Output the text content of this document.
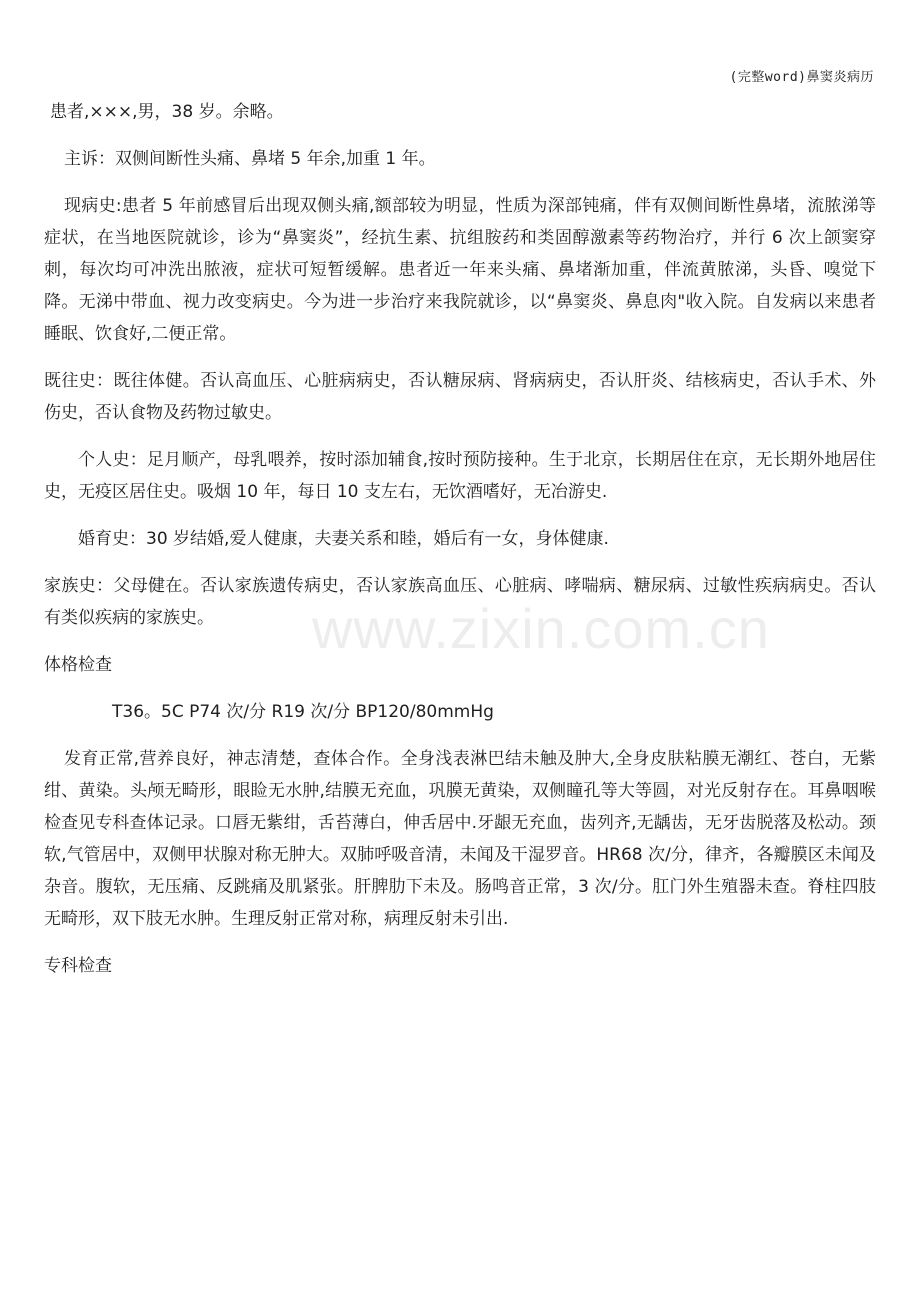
(完整word)鼻窦炎病历
www.zixin.com.cn

患者,×××,男，38 岁。余略。

主诉：双侧间断性头痛、鼻堵 5 年余,加重 1 年。

现病史:患者 5 年前感冒后出现双侧头痛,额部较为明显，性质为深部钝痛，伴有双侧间断性鼻堵，流脓涕等症状，在当地医院就诊，诊为“鼻窦炎”，经抗生素、抗组胺药和类固醇激素等药物治疗，并行 6 次上颌窦穿刺，每次均可冲洗出脓液，症状可短暂缓解。患者近一年来头痛、鼻堵渐加重，伴流黄脓涕，头昏、嗅觉下降。无涕中带血、视力改变病史。今为进一步治疗来我院就诊，以“鼻窦炎、鼻息肉"收入院。自发病以来患者睡眠、饮食好,二便正常。

既往史：既往体健。否认高血压、心脏病病史，否认糖尿病、肾病病史，否认肝炎、结核病史，否认手术、外伤史，否认食物及药物过敏史。

个人史：足月顺产，母乳喂养，按时添加辅食,按时预防接种。生于北京，长期居住在京，无长期外地居住史，无疫区居住史。吸烟 10 年，每日 10 支左右，无饮酒嗜好，无冶游史.

婚育史：30 岁结婚,爱人健康，夫妻关系和睦，婚后有一女，身体健康.

家族史：父母健在。否认家族遗传病史，否认家族高血压、心脏病、哮喘病、糖尿病、过敏性疾病病史。否认有类似疾病的家族史。

体格检查

T36。5C P74 次/分 R19 次/分 BP120/80mmHg

发育正常,营养良好，神志清楚，查体合作。全身浅表淋巴结未触及肿大,全身皮肤粘膜无潮红、苍白，无紫绀、黄染。头颅无畸形，眼睑无水肿,结膜无充血，巩膜无黄染，双侧瞳孔等大等圆，对光反射存在。耳鼻咽喉检查见专科查体记录。口唇无紫绀，舌苔薄白，伸舌居中.牙龈无充血，齿列齐,无龋齿，无牙齿脱落及松动。颈软,气管居中，双侧甲状腺对称无肿大。双肺呼吸音清，未闻及干湿罗音。HR68 次/分，律齐，各瓣膜区未闻及杂音。腹软，无压痛、反跳痛及肌紧张。肝脾肋下未及。肠鸣音正常，3 次/分。肛门外生殖器未查。脊柱四肢无畸形，双下肢无水肿。生理反射正常对称，病理反射未引出.

专科检查
